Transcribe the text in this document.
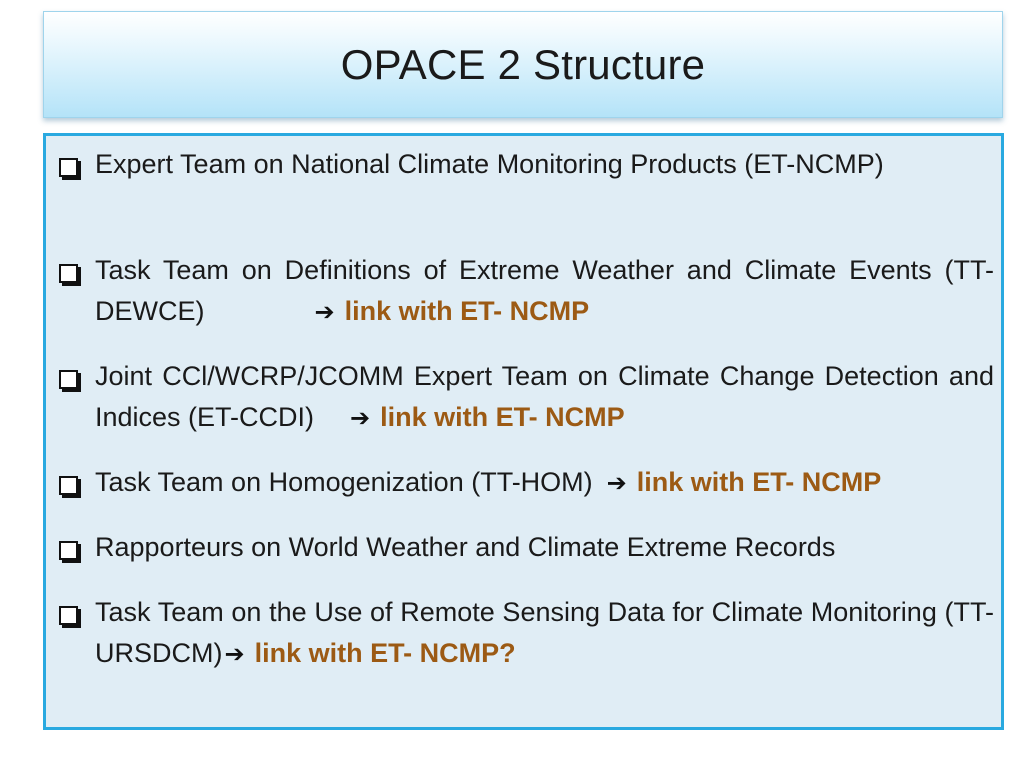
OPACE 2 Structure
Expert Team on National Climate Monitoring Products (ET-NCMP)
Task Team on Definitions of Extreme Weather and Climate Events (TT-DEWCE)	➔ link with ET- NCMP
Joint CCl/WCRP/JCOMM Expert Team on Climate Change Detection and Indices (ET-CCDI) ➔ link with ET- NCMP
Task Team on Homogenization (TT-HOM) ➔ link with ET- NCMP
Rapporteurs on World Weather and Climate Extreme Records
Task Team on the Use of Remote Sensing Data for Climate Monitoring (TT-URSDCM)➔ link with ET- NCMP?
